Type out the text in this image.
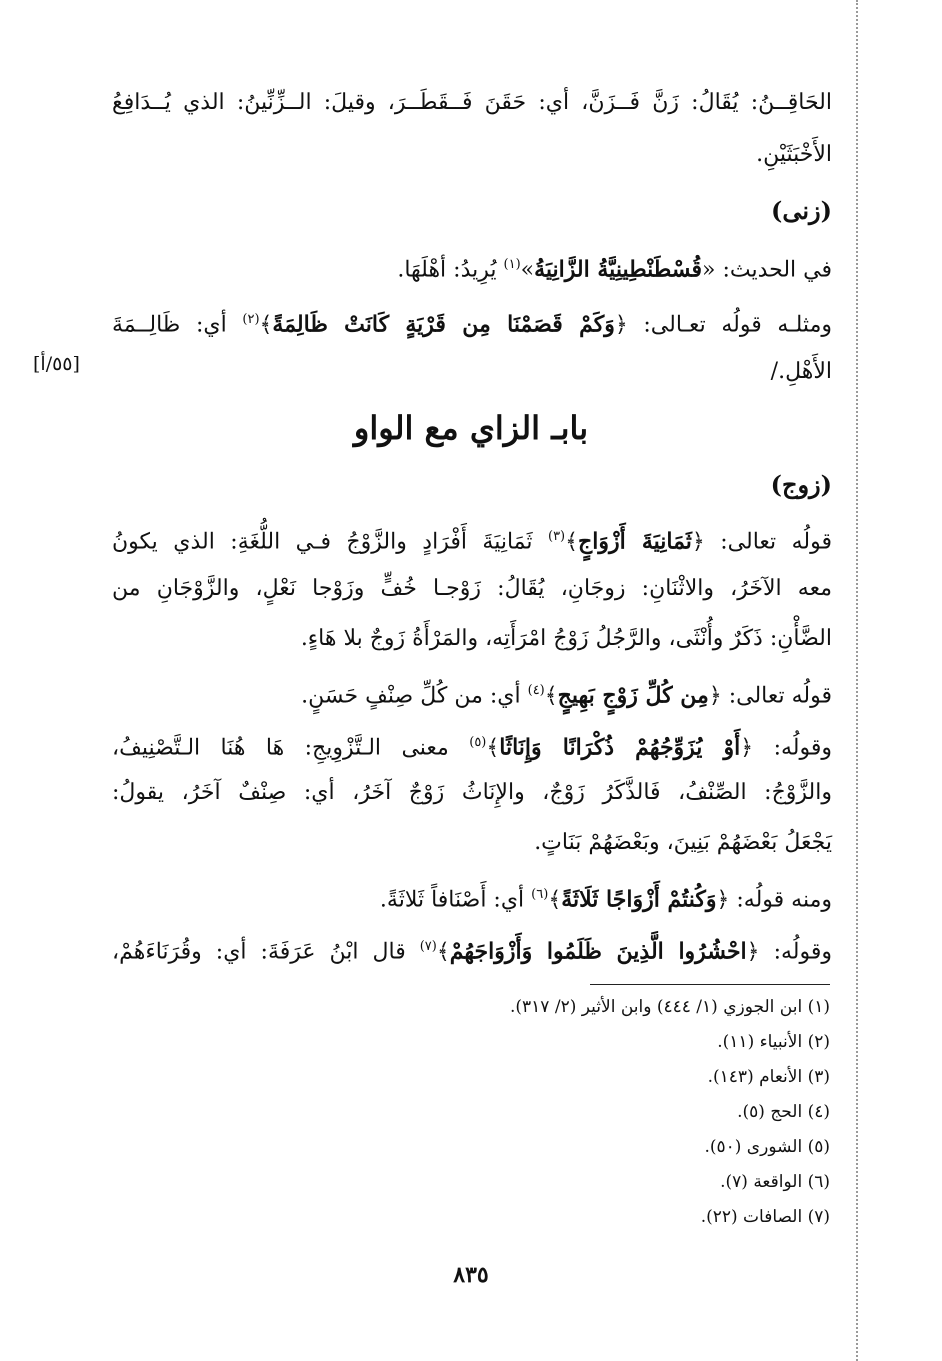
الحَاقِــنُ: يُقَالُ: زَنَّ فَــزَنَّ، أي: حَقَنَ فَــقَطَــرَ، وقيلَ: الــزِّنِّينُ: الذي يُــدَافِعُ
الأَخْبَثَيْنِ.
(زنى)
في الحديث: «قُسْطَنْطِينِيَّةُ الزَّانِيَةُ»$^{(١)}$ يُرِيدُ: أهْلَهَا.
ومثلـه قولُه تعـالى: ﴿وَكَمْ قَصَمْنَا مِن قَرْيَةٍ كَانَتْ ظَالِمَةً﴾$^{(٢)}$ أي: ظَالِــمَةَ
الأَهْلِ./
[٥٥/أ]
بابـ الزاي مع الواو
(زوج)
قولُه تعالى: ﴿ثَمَانِيَةَ أَزْوَاجٍ﴾$^{(٣)}$ ثَمَانِيَةَ أَفْرَادٍ والزَّوْجُ فـي اللُّغَةِ: الذي يكونُ
معه الآخَرُ، والاثْنَانِ: زوجَانِ، يُقَالُ: زَوْجـا خُفٍّ وزَوْجا نَعْلٍ، والزَّوْجَانِ من
الضَّأْنِ: ذَكَرٌ وأُنْثَى، والرَّجُلُ زَوْجُ امْرَأَتِه، والمَرْأَةُ زَوجٌ بلا هَاءٍ.
قولُه تعالى: ﴿مِن كُلِّ زَوْجٍ بَهِيجٍ﴾$^{(٤)}$ أي: من كُلِّ صِنْفٍ حَسَنٍ.
وقولُه: ﴿أَوْ يُزَوِّجُهُمْ ذُكْرَانًا وَإِنَاثًا﴾$^{(٥)}$ معنى الـتَّزْوِيجِ: هَا هُنَا الـتَّصْنِيفُ،
والزَّوْجُ: الصِّنْفُ، فَالذَّكَرُ زَوْجٌ، والإِنَاثُ زَوْجٌ آخَرُ، أي: صِنْفٌ آخَرُ، يقولُ:
يَجْعَلُ بَعْضَهُمْ بَنِينَ، وبَعْضَهُمْ بَنَاتٍ.
ومنه قولُه: ﴿وَكُنتُمْ أَزْوَاجًا ثَلَاثَةً﴾$^{(٦)}$ أي: أَصْنَافاً ثَلاثَةً.
وقولُه: ﴿احْشُرُوا الَّذِينَ ظَلَمُوا وَأَزْوَاجَهُمْ﴾$^{(٧)}$ قال ابْنُ عَرَفَةَ: أي: وقُرَنَاءَهُمْ،
(١) ابن الجوزي (١/ ٤٤٤) وابن الأثير (٢/ ٣١٧).
(٢) الأنبياء (١١).
(٣) الأنعام (١٤٣).
(٤) الحج (٥).
(٥) الشورى (٥٠).
(٦) الواقعة (٧).
(٧) الصافات (٢٢).
٨٣٥
